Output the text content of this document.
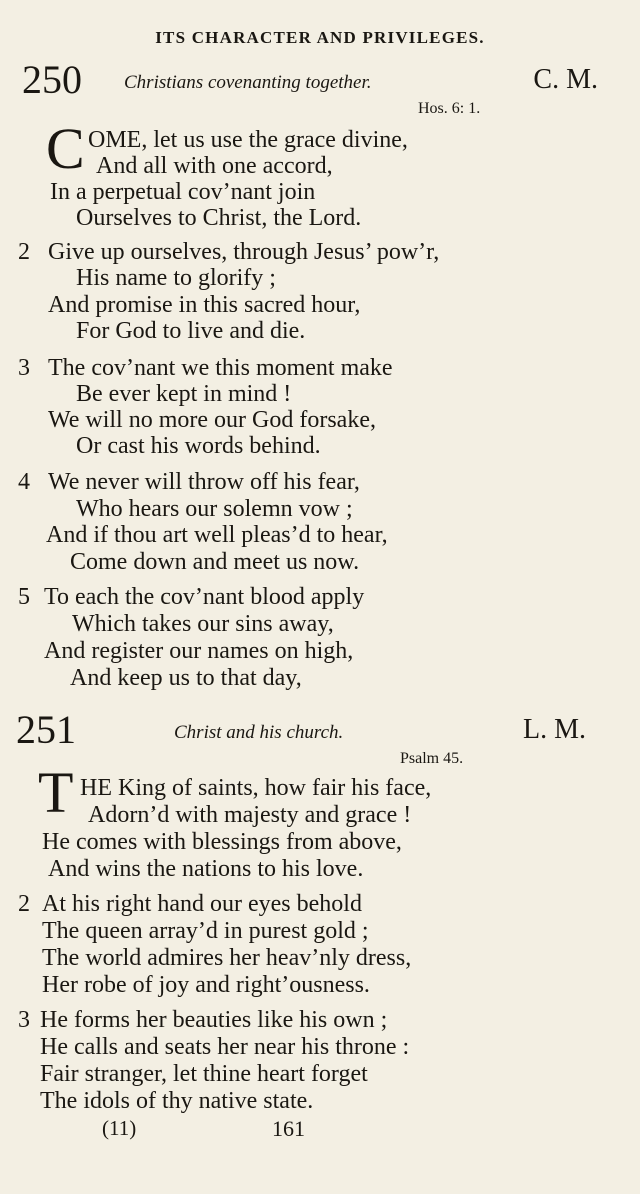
ITS CHARACTER AND PRIVILEGES.
250 Christians covenanting together.	C. M.
Hos. 6: 1.
C OME, let us use the grace divine,
And all with one accord,
In a perpetual cov’nant join
Ourselves to Christ, the Lord.
2 Give up ourselves, through Jesus’ pow’r,
His name to glorify ;
And promise in this sacred hour,
For God to live and die.
3 The cov’nant we this moment make
Be ever kept in mind !
We will no more our God forsake,
Or cast his words behind.
4 We never will throw off his fear,
Who hears our solemn vow ;
And if thou art well pleas’d to hear,
Come down and meet us now.
5 To each the cov’nant blood apply
Which takes our sins away,
And register our names on high,
And keep us to that day,
251	Christ and his church.	L. M.
Psalm 45.
T HE King of saints, how fair his face,
Adorn’d with majesty and grace !
He comes with blessings from above,
And wins the nations to his love.
2 At his right hand our eyes behold
The queen array’d in purest gold ;
The world admires her heav’nly dress,
Her robe of joy and right’ousness.
3 He forms her beauties like his own ;
He calls and seats her near his throne :
Fair stranger, let thine heart forget
The idols of thy native state.
(11)	161
